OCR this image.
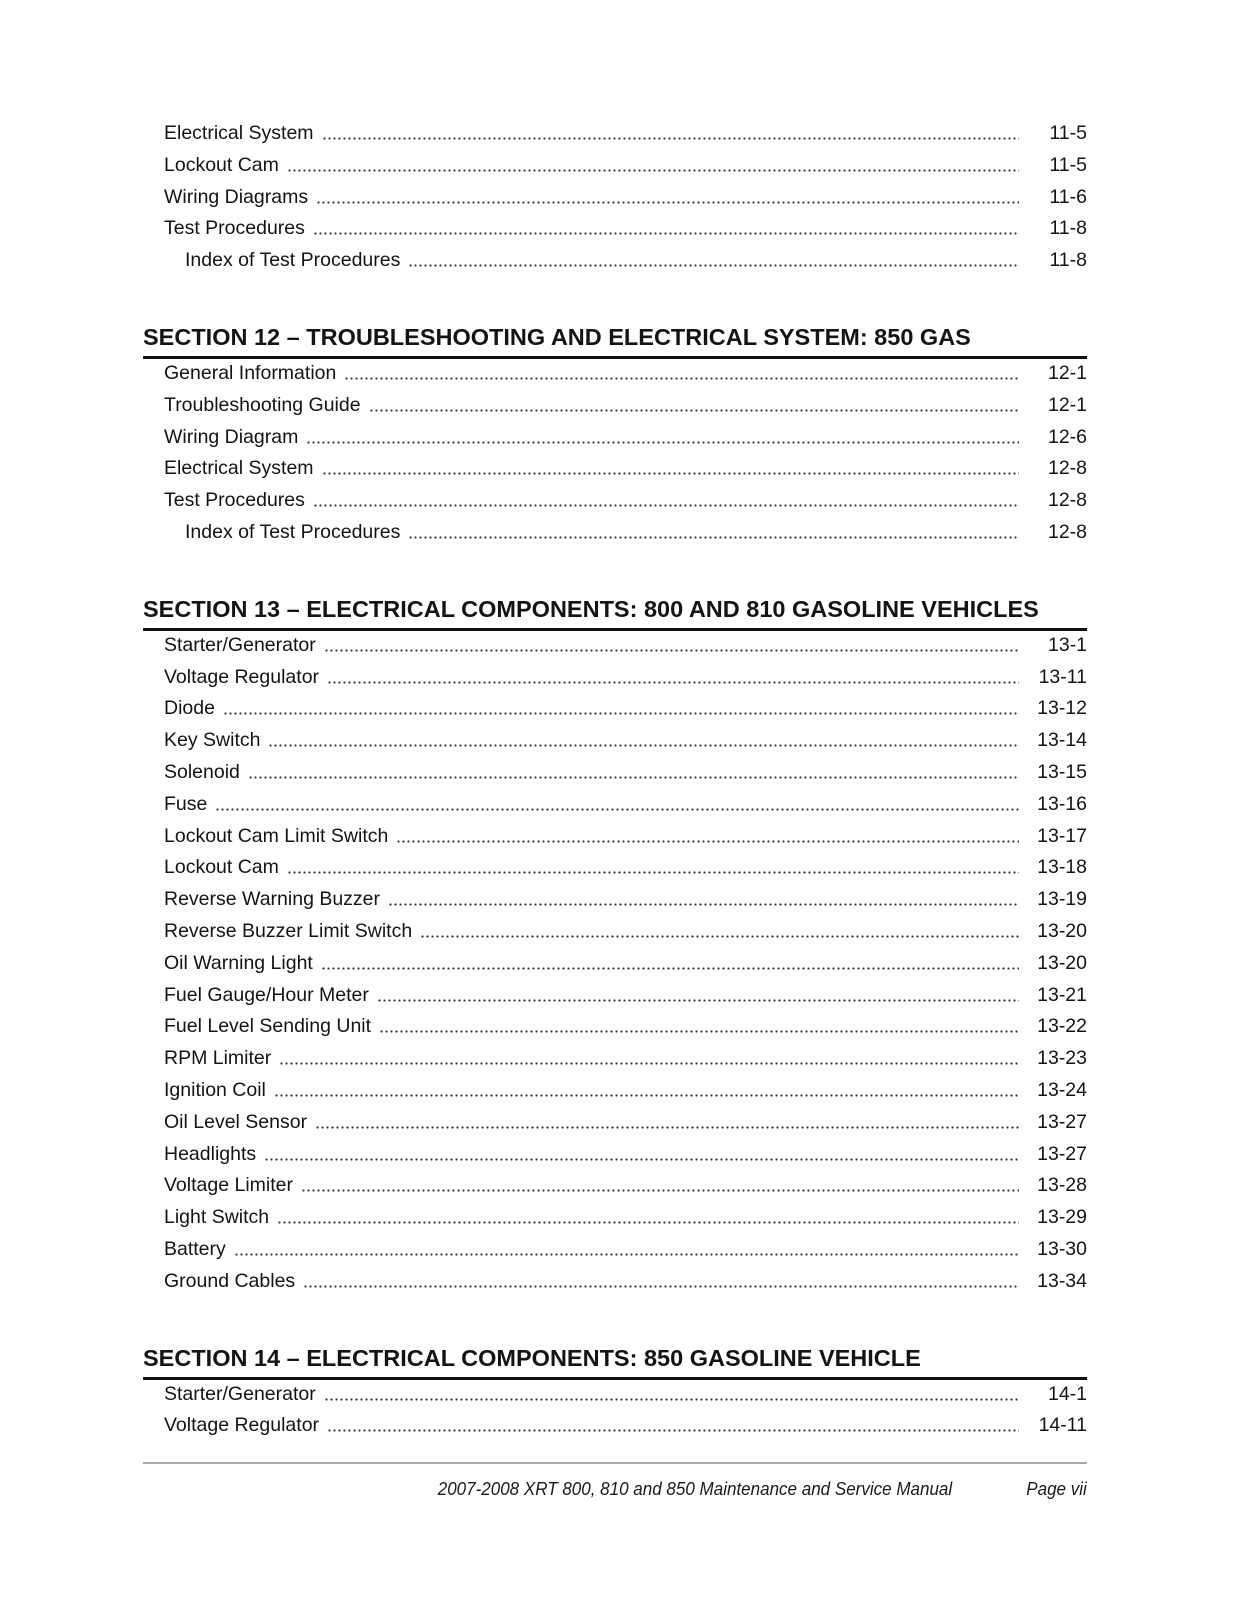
Electrical System	11-5
Lockout Cam	11-5
Wiring Diagrams	11-6
Test Procedures	11-8
Index of Test Procedures	11-8
SECTION 12 – TROUBLESHOOTING AND ELECTRICAL SYSTEM: 850 GAS
General Information	12-1
Troubleshooting Guide	12-1
Wiring Diagram	12-6
Electrical System	12-8
Test Procedures	12-8
Index of Test Procedures	12-8
SECTION 13 – ELECTRICAL COMPONENTS: 800 AND 810 GASOLINE VEHICLES
Starter/Generator	13-1
Voltage Regulator	13-11
Diode	13-12
Key Switch	13-14
Solenoid	13-15
Fuse	13-16
Lockout Cam Limit Switch	13-17
Lockout Cam	13-18
Reverse Warning Buzzer	13-19
Reverse Buzzer Limit Switch	13-20
Oil Warning Light	13-20
Fuel Gauge/Hour Meter	13-21
Fuel Level Sending Unit	13-22
RPM Limiter	13-23
Ignition Coil	13-24
Oil Level Sensor	13-27
Headlights	13-27
Voltage Limiter	13-28
Light Switch	13-29
Battery	13-30
Ground Cables	13-34
SECTION 14 – ELECTRICAL COMPONENTS: 850 GASOLINE VEHICLE
Starter/Generator	14-1
Voltage Regulator	14-11
2007-2008 XRT 800, 810 and 850 Maintenance and Service Manual	Page vii
